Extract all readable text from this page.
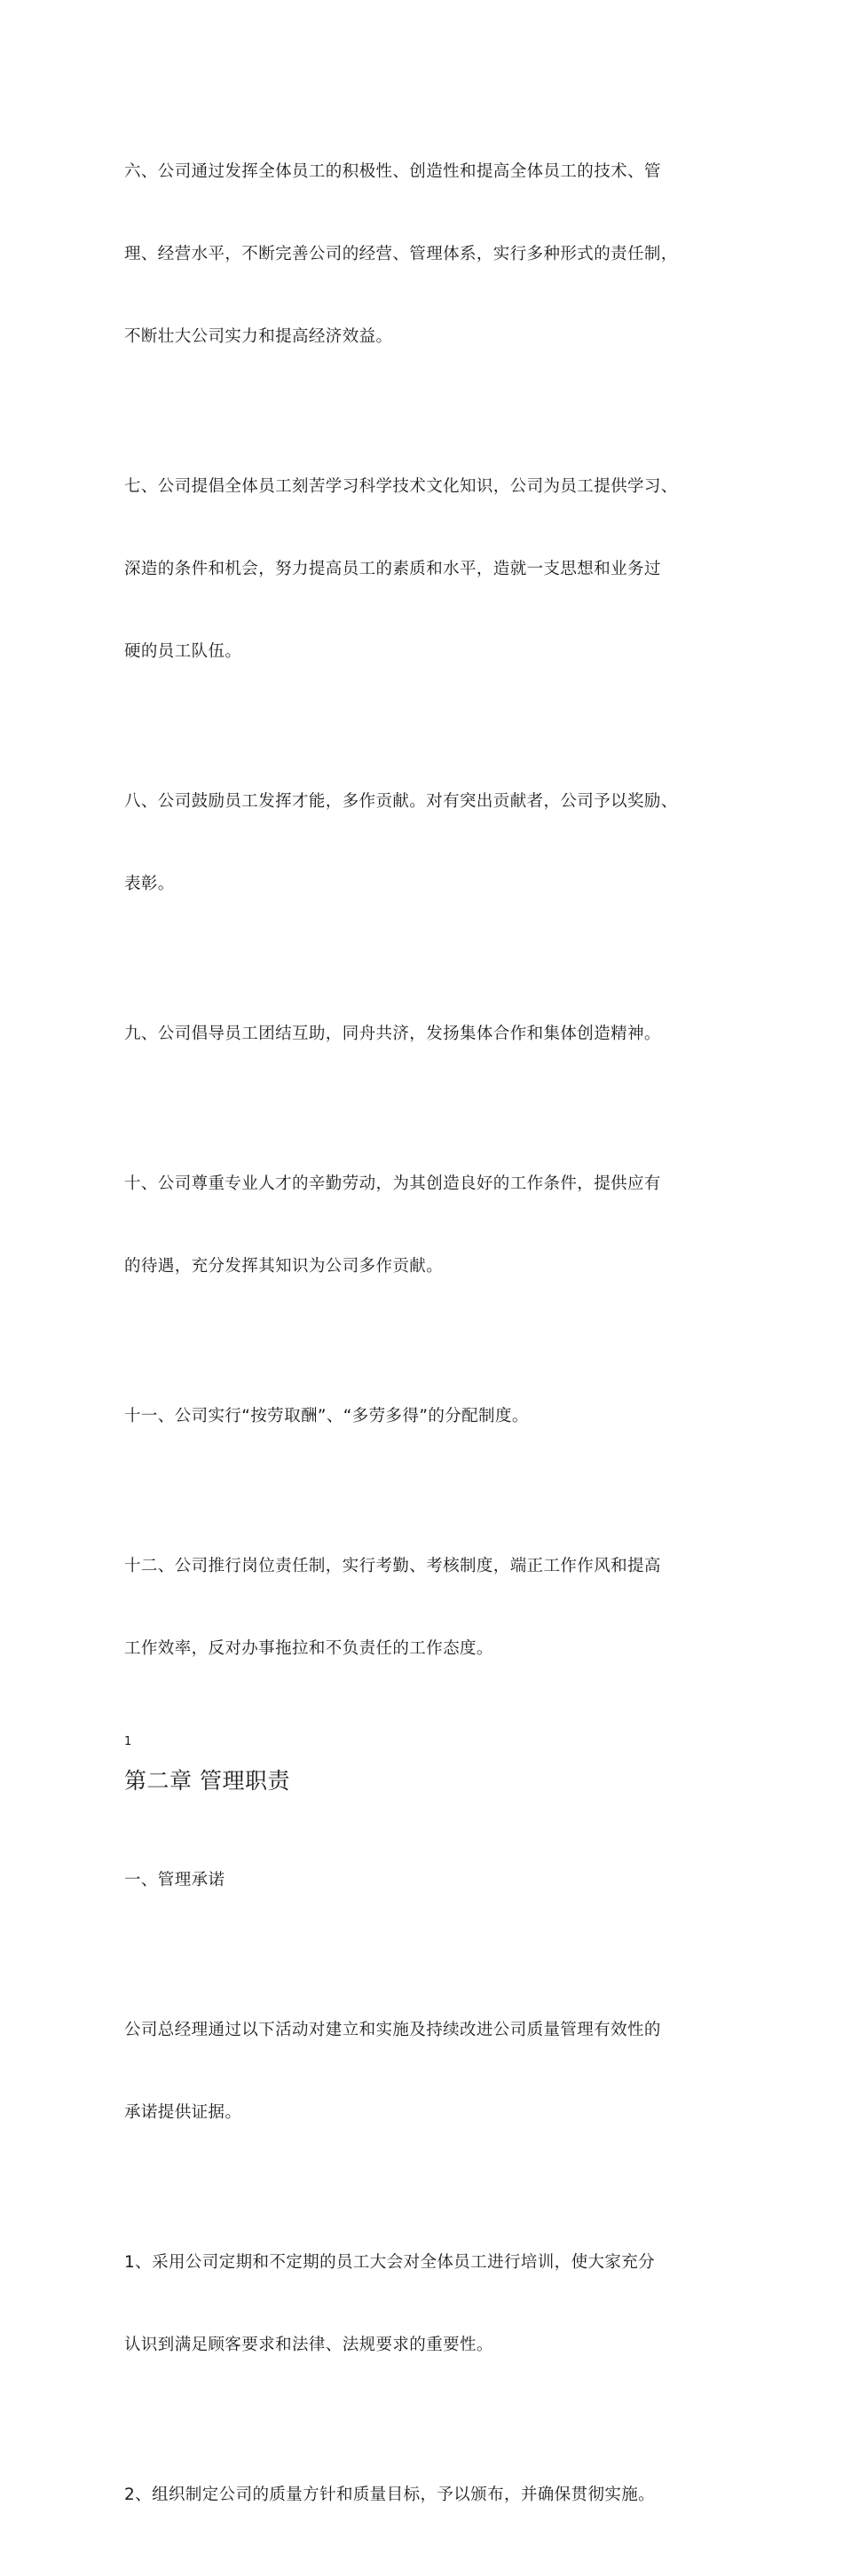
六、公司通过发挥全体员工的积极性、创造性和提高全体员工的技术、管

理、经营水平，不断完善公司的经营、管理体系，实行多种形式的责任制，

不断壮大公司实力和提高经济效益。

七、公司提倡全体员工刻苦学习科学技术文化知识，公司为员工提供学习、

深造的条件和机会，努力提高员工的素质和水平，造就一支思想和业务过

硬的员工队伍。

八、公司鼓励员工发挥才能，多作贡献。对有突出贡献者，公司予以奖励、

表彰。

九、公司倡导员工团结互助，同舟共济，发扬集体合作和集体创造精神。

十、公司尊重专业人才的辛勤劳动，为其创造良好的工作条件，提供应有

的待遇，充分发挥其知识为公司多作贡献。

十一、公司实行“按劳取酬”、“多劳多得”的分配制度。

十二、公司推行岗位责任制，实行考勤、考核制度，端正工作作风和提高

工作效率，反对办事拖拉和不负责任的工作态度。

1
第二章 管理职责

一、管理承诺

公司总经理通过以下活动对建立和实施及持续改进公司质量管理有效性的

承诺提供证据。

1、采用公司定期和不定期的员工大会对全体员工进行培训，使大家充分

认识到满足顾客要求和法律、法规要求的重要性。

2、组织制定公司的质量方针和质量目标，予以颁布，并确保贯彻实施。
